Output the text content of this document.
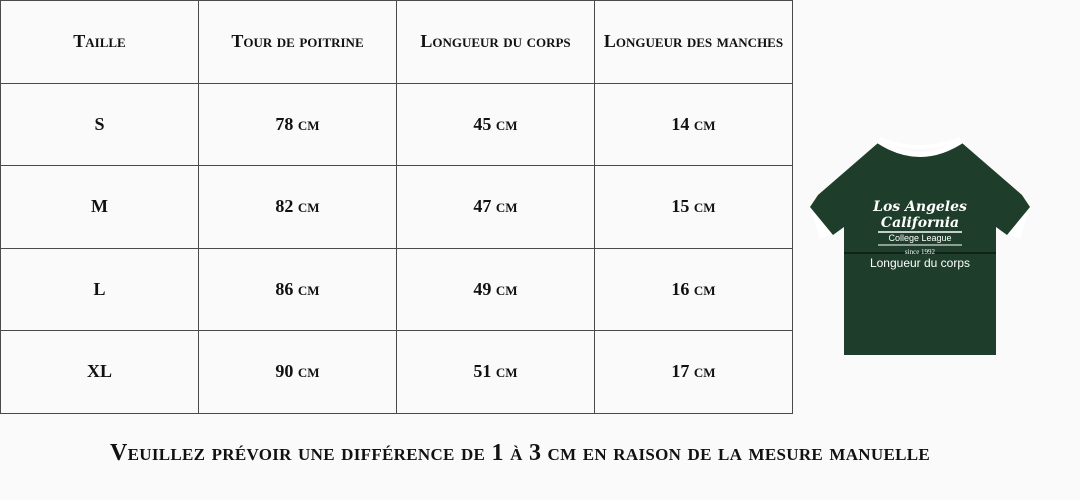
Taille	Tour de poitrine	Longueur du corps	Longueur des manches
S	78 cm	45 cm	14 cm
M	82 cm	47 cm	15 cm
L	86 cm	49 cm	16 cm
XL	90 cm	51 cm	17 cm
Los Angeles
California
College League
since 1992
Longueur du corps
Veuillez prévoir une différence de 1 à 3 cm en raison de la mesure manuelle
